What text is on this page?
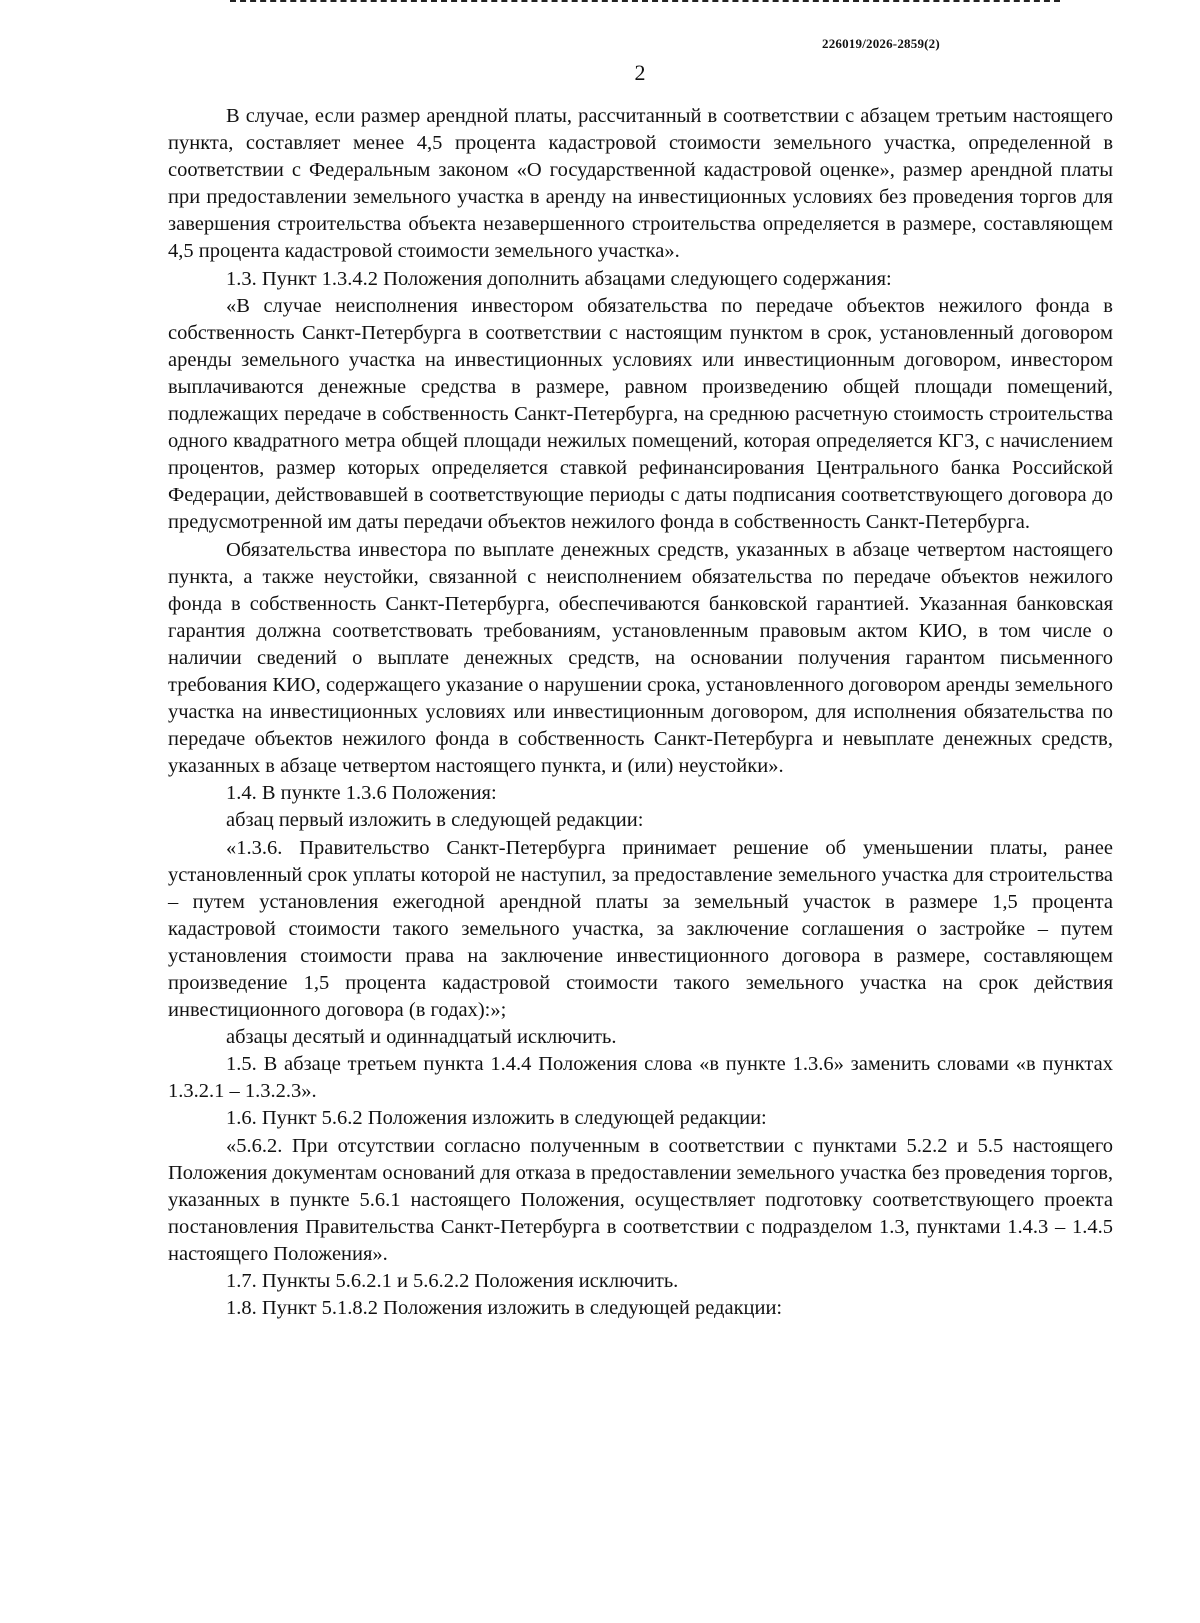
226019/2026-2859(2)
2

В случае, если размер арендной платы, рассчитанный в соответствии с абзацем третьим настоящего пункта, составляет менее 4,5 процента кадастровой стоимости земельного участка, определенной в соответствии с Федеральным законом «О государственной кадастровой оценке», размер арендной платы при предоставлении земельного участка в аренду на инвестиционных условиях без проведения торгов для завершения строительства объекта незавершенного строительства определяется в размере, составляющем 4,5 процента кадастровой стоимости земельного участка».

1.3. Пункт 1.3.4.2 Положения дополнить абзацами следующего содержания:

«В случае неисполнения инвестором обязательства по передаче объектов нежилого фонда в собственность Санкт-Петербурга в соответствии с настоящим пунктом в срок, установленный договором аренды земельного участка на инвестиционных условиях или инвестиционным договором, инвестором выплачиваются денежные средства в размере, равном произведению общей площади помещений, подлежащих передаче в собственность Санкт-Петербурга, на среднюю расчетную стоимость строительства одного квадратного метра общей площади нежилых помещений, которая определяется КГЗ, с начислением процентов, размер которых определяется ставкой рефинансирования Центрального банка Российской Федерации, действовавшей в соответствующие периоды с даты подписания соответствующего договора до предусмотренной им даты передачи объектов нежилого фонда в собственность Санкт-Петербурга.

Обязательства инвестора по выплате денежных средств, указанных в абзаце четвертом настоящего пункта, а также неустойки, связанной с неисполнением обязательства по передаче объектов нежилого фонда в собственность Санкт-Петербурга, обеспечиваются банковской гарантией. Указанная банковская гарантия должна соответствовать требованиям, установленным правовым актом КИО, в том числе о наличии сведений о выплате денежных средств, на основании получения гарантом письменного требования КИО, содержащего указание о нарушении срока, установленного договором аренды земельного участка на инвестиционных условиях или инвестиционным договором, для исполнения обязательства по передаче объектов нежилого фонда в собственность Санкт-Петербурга и невыплате денежных средств, указанных в абзаце четвертом настоящего пункта, и (или) неустойки».

1.4. В пункте 1.3.6 Положения:

абзац первый изложить в следующей редакции:

«1.3.6. Правительство Санкт-Петербурга принимает решение об уменьшении платы, ранее установленный срок уплаты которой не наступил, за предоставление земельного участка для строительства – путем установления ежегодной арендной платы за земельный участок в размере 1,5 процента кадастровой стоимости такого земельного участка, за заключение соглашения о застройке – путем установления стоимости права на заключение инвестиционного договора в размере, составляющем произведение 1,5 процента кадастровой стоимости такого земельного участка на срок действия инвестиционного договора (в годах):»;

абзацы десятый и одиннадцатый исключить.

1.5. В абзаце третьем пункта 1.4.4 Положения слова «в пункте 1.3.6» заменить словами «в пунктах 1.3.2.1 – 1.3.2.3».

1.6. Пункт 5.6.2 Положения изложить в следующей редакции:

«5.6.2. При отсутствии согласно полученным в соответствии с пунктами 5.2.2 и 5.5 настоящего Положения документам оснований для отказа в предоставлении земельного участка без проведения торгов, указанных в пункте 5.6.1 настоящего Положения, осуществляет подготовку соответствующего проекта постановления Правительства Санкт-Петербурга в соответствии с подразделом 1.3, пунктами 1.4.3 – 1.4.5 настоящего Положения».

1.7. Пункты 5.6.2.1 и 5.6.2.2 Положения исключить.

1.8. Пункт 5.1.8.2 Положения изложить в следующей редакции:
